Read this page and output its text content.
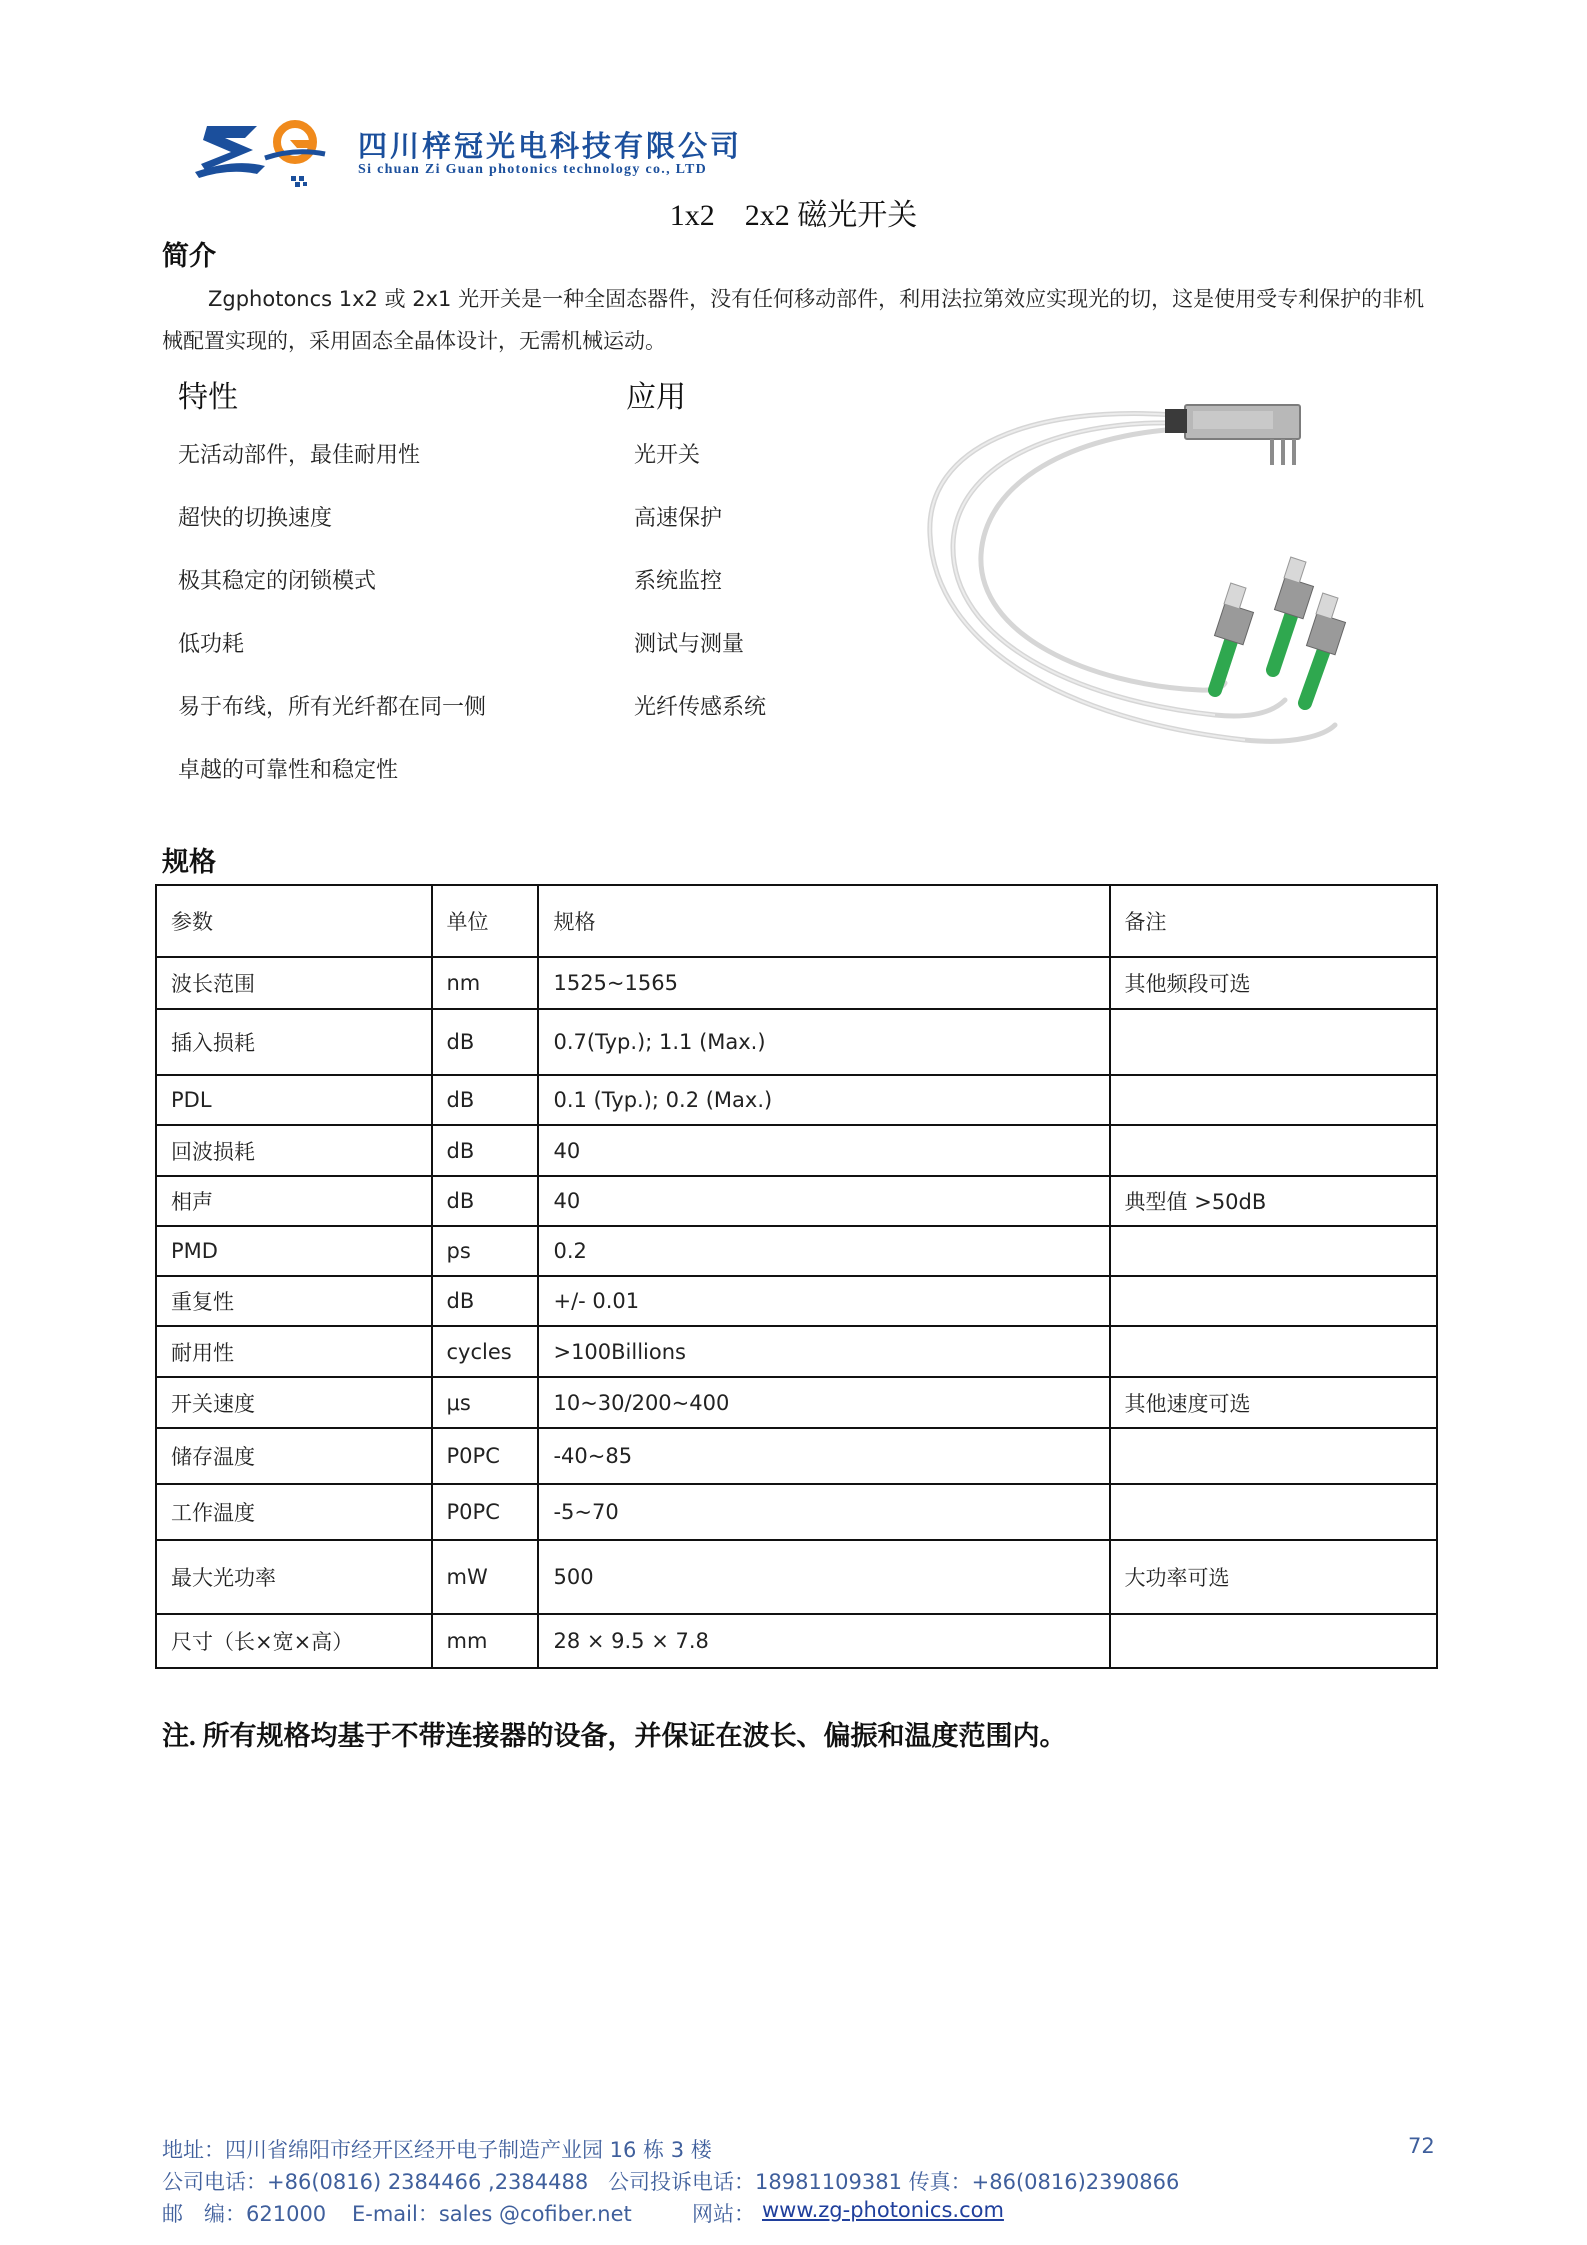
四川梓冠光电科技有限公司
Si chuan Zi Guan photonics technology co., LTD
1x2　2x2 磁光开关
简介
Zgphotoncs 1x2 或 2x1 光开关是一种全固态器件，没有任何移动部件，利用法拉第效应实现光的切，这是使用受专利保护的非机械配置实现的，采用固态全晶体设计，无需机械运动。
特性	应用
无活动部件，最佳耐用性
超快的切换速度
极其稳定的闭锁模式
低功耗
易于布线，所有光纤都在同一侧
卓越的可靠性和稳定性
光开关
高速保护
系统监控
测试与测量
光纤传感系统
规格
参数	单位	规格	备注
波长范围	nm	1525~1565	其他频段可选
插入损耗	dB	0.7(Typ.); 1.1 (Max.)	
PDL	dB	0.1 (Typ.); 0.2 (Max.)	
回波损耗	dB	40	
相声	dB	40	典型值 >50dB
PMD	ps	0.2	
重复性	dB	+/- 0.01	
耐用性	cycles	>100Billions	
开关速度	μs	10~30/200~400	其他速度可选
储存温度	P0PC	-40~85	
工作温度	P0PC	-5~70	
最大光功率	mW	500	大功率可选
尺寸（长×宽×高）	mm	28 × 9.5 × 7.8	
注. 所有规格均基于不带连接器的设备，并保证在波长、偏振和温度范围内。
地址：四川省绵阳市经开区经开电子制造产业园 16 栋 3 楼	72
公司电话：+86(0816) 2384466 ,2384488 公司投诉电话：18981109381 传真：+86(0816)2390866
邮　编：621000 E-mail：sales @cofiber.net	网站： www.zg-photonics.com
